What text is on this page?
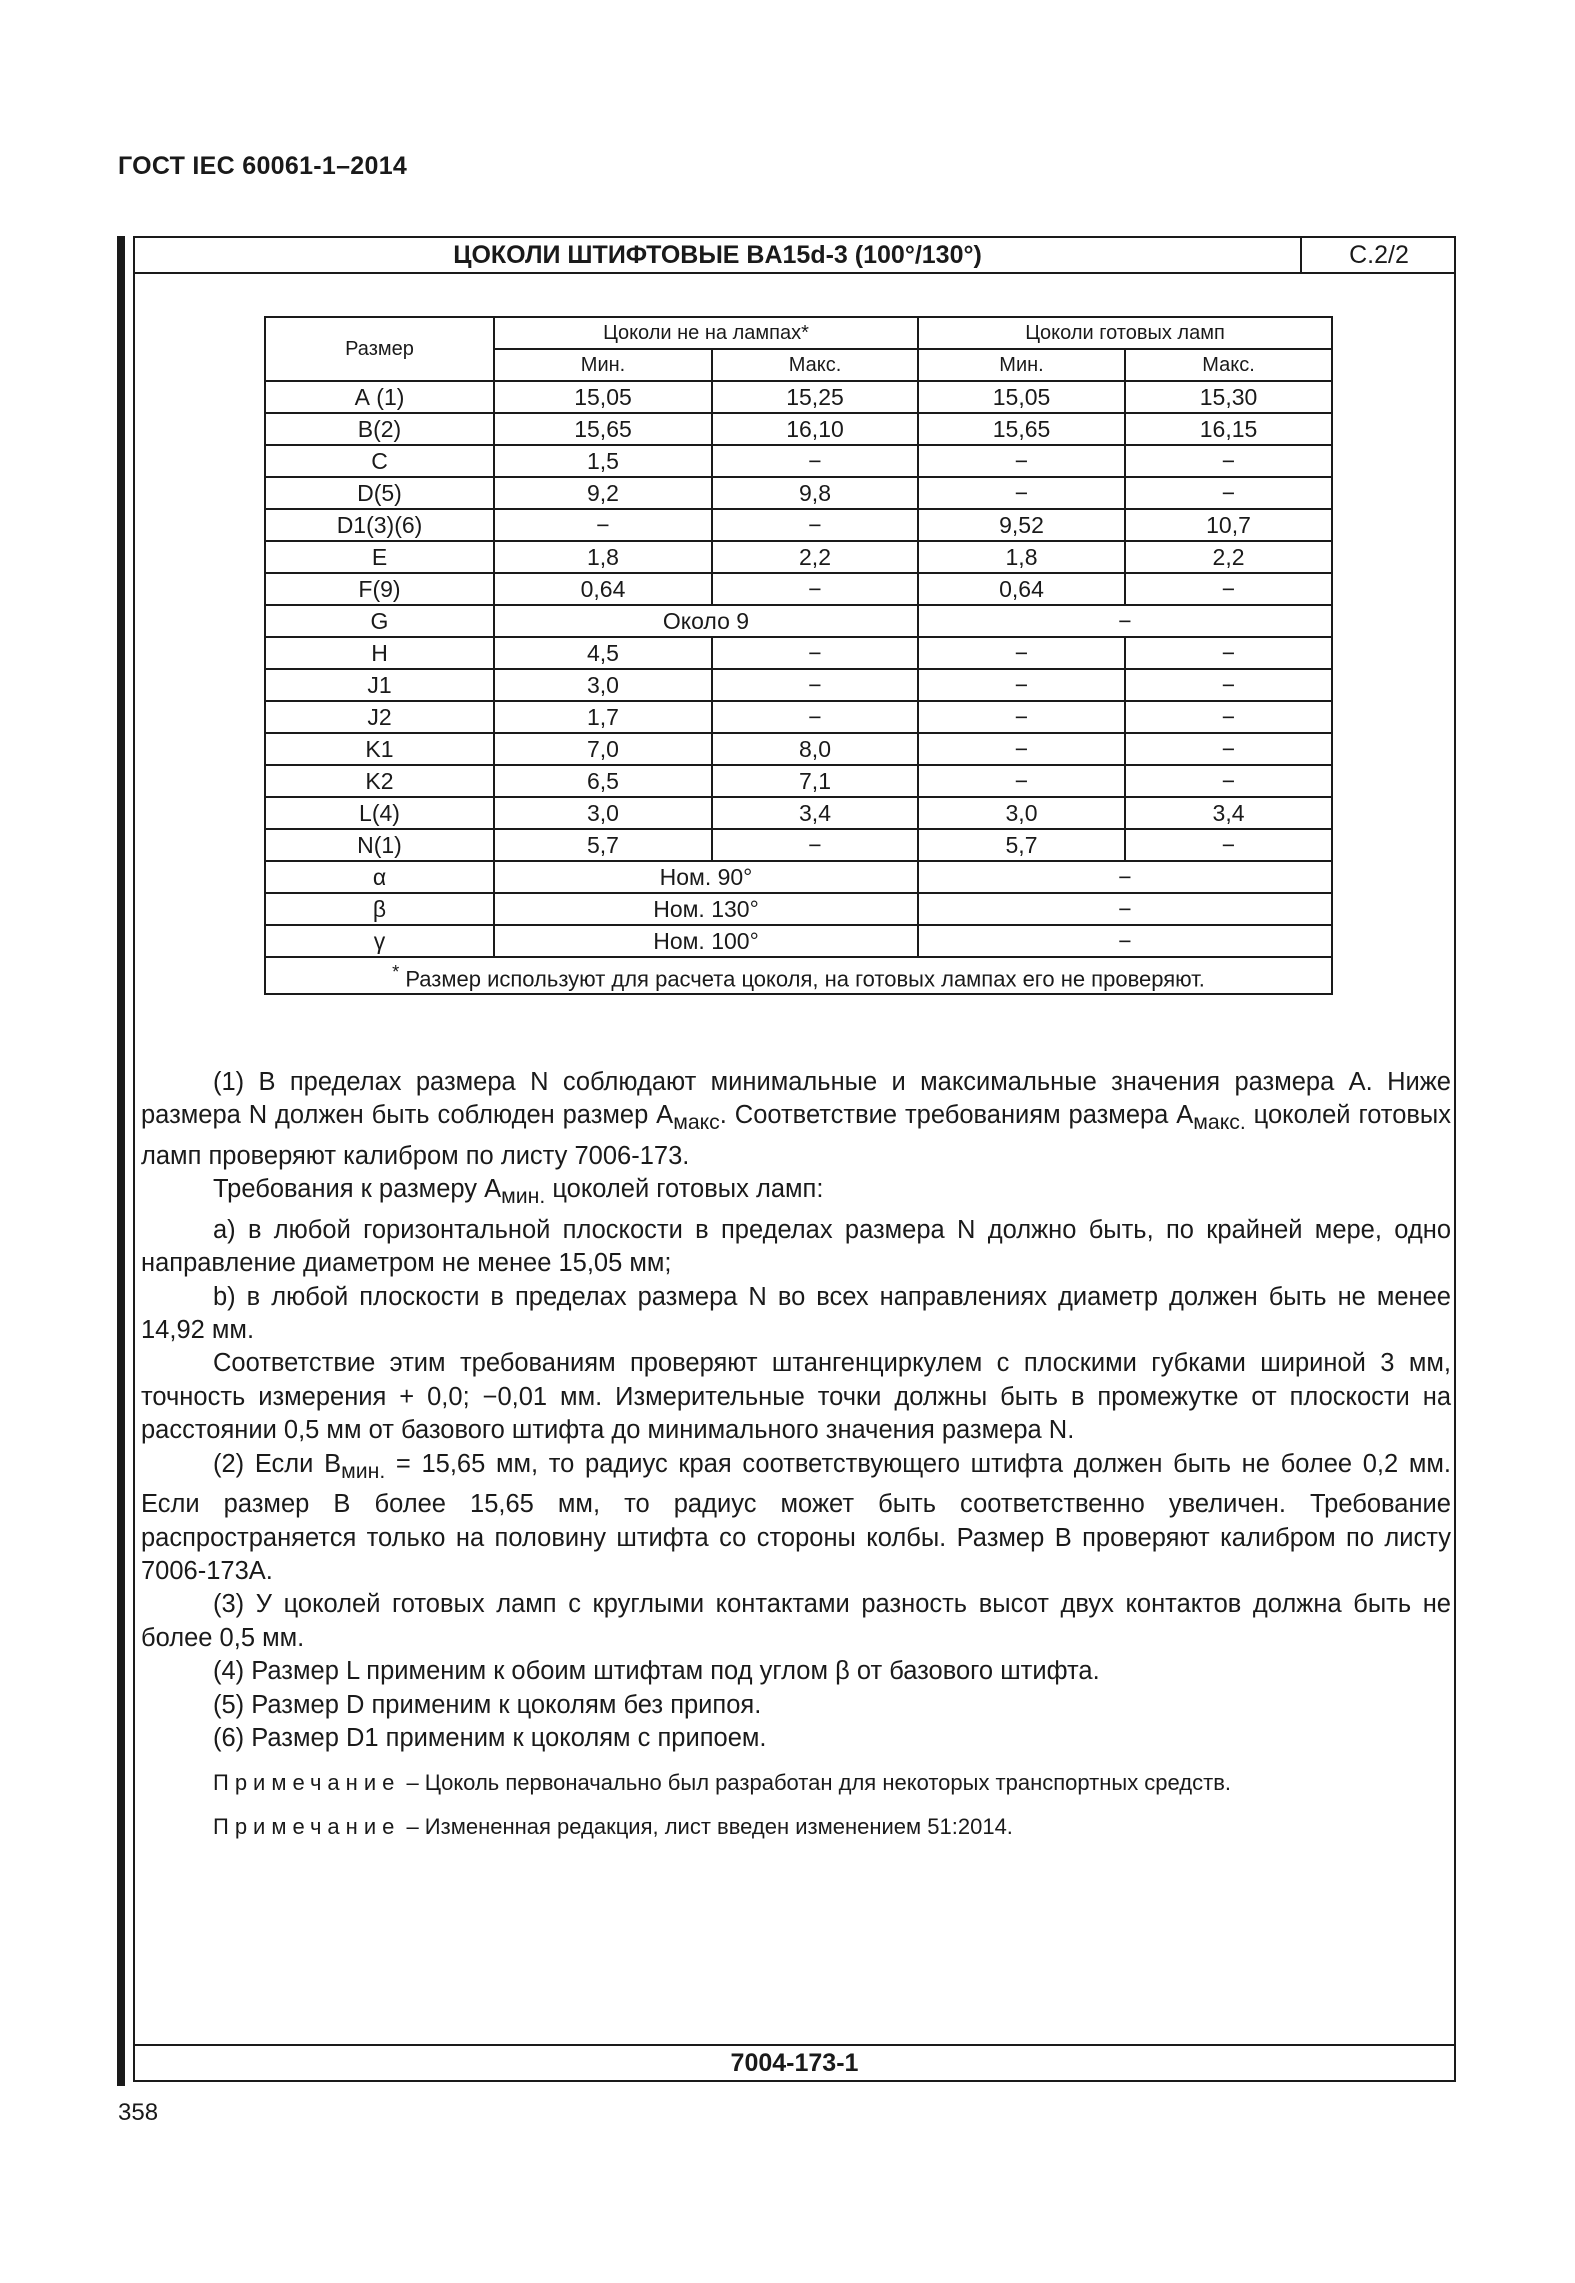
ГОСТ IEC 60061-1–2014
ЦОКОЛИ ШТИФТОВЫЕ BA15d-3 (100°/130°)	С.2/2
Размер	Цоколи не на лампах*		Цоколи готовых ламп	
	Мин.	Макс.	Мин.	Макс.
А (1)	15,05	15,25	15,05	15,30
В(2)	15,65	16,10	15,65	16,15
C	1,5	−	−	−
D(5)	9,2	9,8	−	−
D1(3)(6)	−	−	9,52	10,7
E	1,8	2,2	1,8	2,2
F(9)	0,64	−	0,64	−
G	Около 9		−	
H	4,5	−	−	−
J1	3,0	−	−	−
J2	1,7	−	−	−
K1	7,0	8,0	−	−
K2	6,5	7,1	−	−
L(4)	3,0	3,4	3,0	3,4
N(1)	5,7	−	5,7	−
α	Ном. 90°		−	
β	Ном. 130°		−	
γ	Ном. 100°		−	
* Размер используют для расчета цоколя, на готовых лампах его не проверяют.				
7004-173-1

(1) В пределах размера N соблюдают минимальные и максимальные значения размера А. Ниже размера N должен быть соблюден размер $А_{макс}$. Соответствие требованиям размера $А_{макс.}$ цоколей готовых ламп проверяют калибром по листу 7006-173.

Требования к размеру $А_{мин.}$ цоколей готовых ламп:

a) в любой горизонтальной плоскости в пределах размера N должно быть, по крайней мере, одно направление диаметром не менее 15,05 мм;

b) в любой плоскости в пределах размера N во всех направлениях диаметр должен быть не менее 14,92 мм.

Соответствие этим требованиям проверяют штангенциркулем с плоскими губками шириной 3 мм, точность измерения + 0,0; −0,01 мм. Измерительные точки должны быть в промежутке от плоскости на расстоянии 0,5 мм от базового штифта до минимального значения размера N.

(2) Если $В_{мин.} = 15,65$ мм, то радиус края соответствующего штифта должен быть не более 0,2 мм. Если размер В более 15,65 мм, то радиус может быть соответственно увеличен. Требование распространяется только на половину штифта со стороны колбы. Размер В проверяют калибром по листу 7006-173А.

(3) У цоколей готовых ламп с круглыми контактами разность высот двух контактов должна быть не более 0,5 мм.

(4) Размер L применим к обоим штифтам под углом β от базового штифта.

(5) Размер D применим к цоколям без припоя.

(6) Размер D1 применим к цоколям с припоем.

Примечание – Цоколь первоначально был разработан для некоторых транспортных средств.

Примечание – Измененная редакция, лист введен изменением 51:2014.

358
